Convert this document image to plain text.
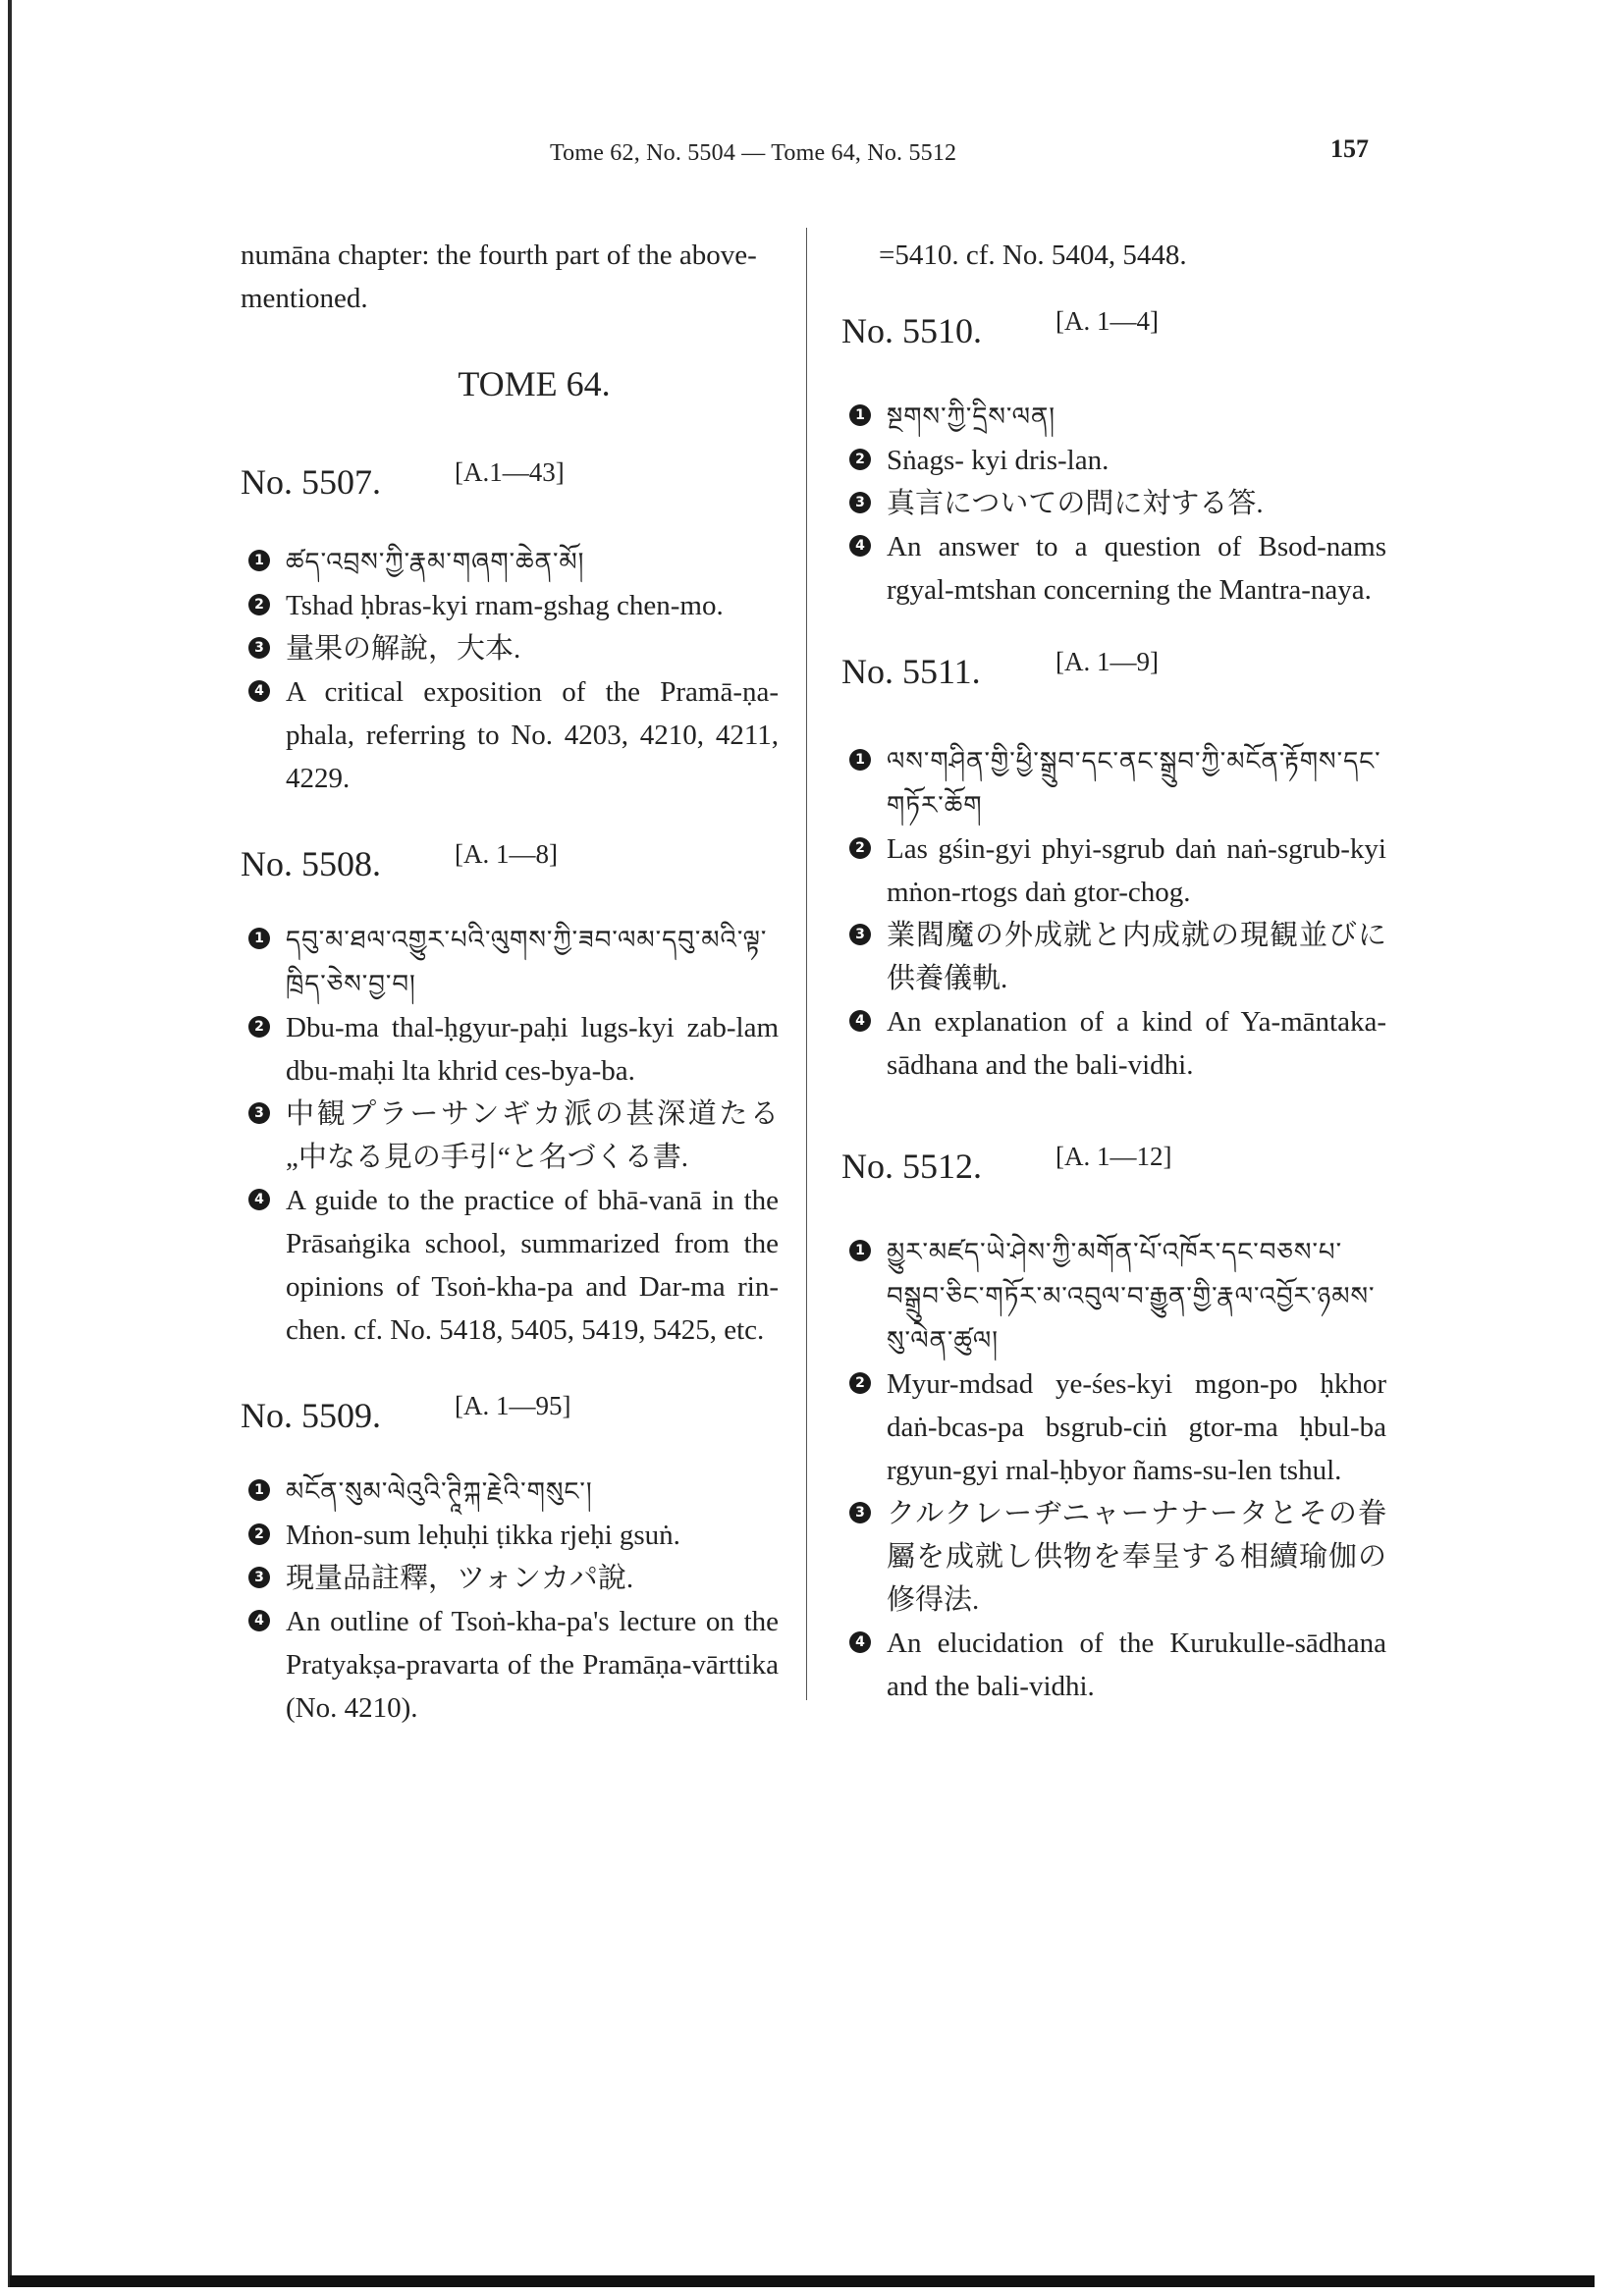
Tome 62, No. 5504 — Tome 64, No. 5512	157

numāna chapter: the fourth part of the above-mentioned.

TOME 64.
No. 5507.	[A.1—43]
1 ཚད་འབྲས་ཀྱི་རྣམ་གཞག་ཆེན་མོ།
2 Tshad ḥbras-kyi rnam-gshag chen-mo.
3 量果の解說，大本.
4 A critical exposition of the Pramā-ṇa-phala, referring to No. 4203, 4210, 4211, 4229.
No. 5508.	[A. 1—8]
1 དབུ་མ་ཐལ་འགྱུར་པའི་ལུགས་ཀྱི་ཟབ་ལམ་དབུ་མའི་ལྟ་ཁྲིད་ཅེས་བྱ་བ།
2 Dbu-ma thal-ḥgyur-paḥi lugs-kyi zab-lam dbu-maḥi lta khrid ces-bya-ba.
3 中観プラーサンギカ派の甚深道たる„中なる見の手引“と名づくる書.
4 A guide to the practice of bhā-vanā in the Prāsaṅgika school, summarized from the opinions of Tsoṅ-kha-pa and Dar-ma rin-chen. cf. No. 5418, 5405, 5419, 5425, etc.
No. 5509.	[A. 1—95]
1 མངོན་སུམ་ལེའུའི་ཊཱིཀྐ་རྗེའི་གསུང་།
2 Mṅon-sum leḥuḥi ṭikka rjeḥi gsuṅ.
3 現量品註釋，ツォンカパ說.
4 An outline of Tsoṅ-kha-pa's lecture on the Pratyakṣa-pravarta of the Pramāṇa-vārttika (No. 4210).

=5410. cf. No. 5404, 5448.

No. 5510.	[A. 1—4]
1 སྔགས་ཀྱི་དྲིས་ལན།
2 Sṅags- kyi dris-lan.
3 真言についての問に対する答.
4 An answer to a question of Bsod-nams rgyal-mtshan concerning the Mantra-naya.
No. 5511.	[A. 1—9]
1 ལས་གཤིན་གྱི་ཕྱི་སྒྲུབ་དང་ནང་སྒྲུབ་ཀྱི་མངོན་རྟོགས་དང་གཏོར་ཆོག
2 Las gśin-gyi phyi-sgrub daṅ naṅ-sgrub-kyi mṅon-rtogs daṅ gtor-chog.
3 業閻魔の外成就と内成就の現観並びに供養儀軌.
4 An explanation of a kind of Ya-māntaka-sādhana and the bali-vidhi.
No. 5512.	[A. 1—12]
1 མྱུར་མཛད་ཡེ་ཤེས་ཀྱི་མགོན་པོ་འཁོར་དང་བཅས་པ་བསྒྲུབ་ཅིང་གཏོར་མ་འབུལ་བ་རྒྱུན་གྱི་རྣལ་འབྱོར་ཉམས་སུ་ལེན་ཚུལ།
2 Myur-mdsad ye-śes-kyi mgon-po ḥkhor daṅ-bcas-pa bsgrub-ciṅ gtor-ma ḥbul-ba rgyun-gyi rnal-ḥbyor ñams-su-len tshul.
3 クルクレーヂニャーナナータとその眷屬を成就し供物を奉呈する相續瑜伽の修得法.
4 An elucidation of the Kurukulle-sādhana and the bali-vidhi.
